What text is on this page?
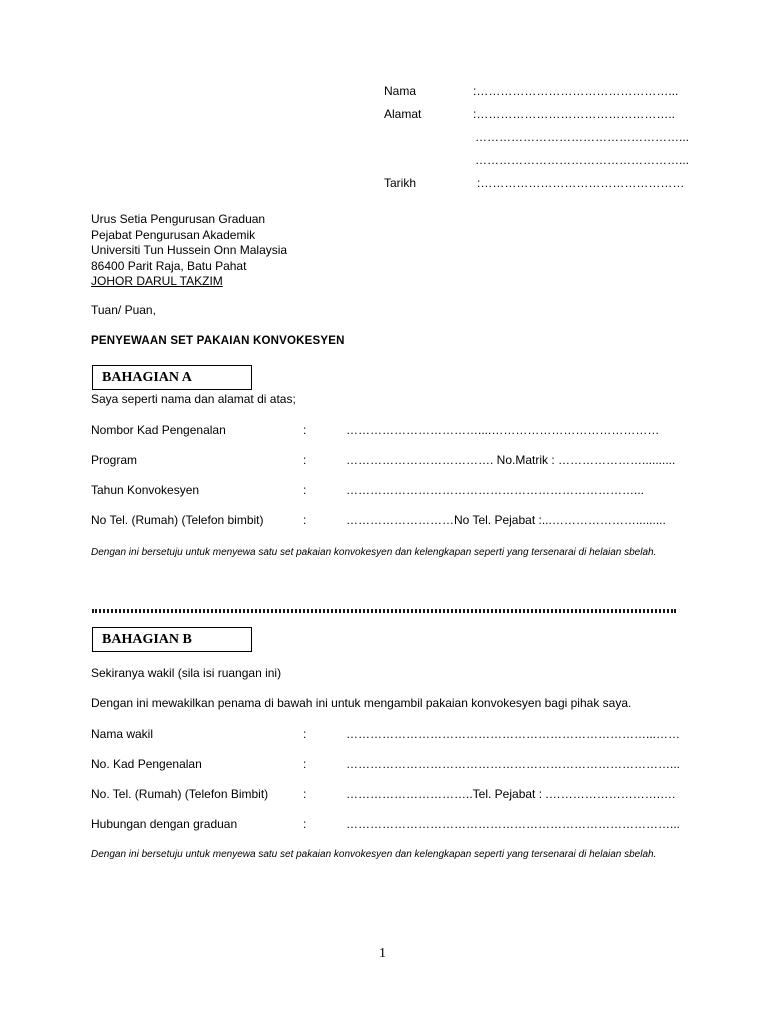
Nama	:…………………………………………...
Alamat	:…………………………………………..
……………………………………………...
……………………………………………...
Tarikh	:……………………………………………
Urus Setia Pengurusan Graduan
Pejabat Pengurusan Akademik
Universiti Tun Hussein Onn Malaysia
86400 Parit Raja, Batu Pahat
JOHOR DARUL TAKZIM
Tuan/ Puan,
PENYEWAAN SET PAKAIAN KONVOKESYEN
BAHAGIAN A
Saya seperti nama dan alamat di atas;
Nombor Kad Pengenalan	:	……………………………....……………………………………
Program	:	………………………………. No.Matrik : …………………..........
Tahun Konvokesyen	:	………………………………………………………………...
No Tel. (Rumah) (Telefon bimbit)	:	………………………No Tel. Pejabat :...………………….........
Dengan ini bersetuju untuk menyewa satu set pakaian konvokesyen dan kelengkapan seperti yang tersenarai di helaian sbelah.
BAHAGIAN B
Sekiranya wakil (sila isi ruangan ini)
Dengan ini mewakilkan penama di bawah ini untuk mengambil pakaian konvokesyen bagi pihak saya.
Nama wakil	:	…………………………………………………………………...……
No. Kad Pengenalan	:	………………………………………………………………………...
No. Tel. (Rumah) (Telefon Bimbit)	:	…………………………..Tel. Pejabat : .……………………….….
Hubungan dengan graduan	:	………………………………………………………………………...
Dengan ini bersetuju untuk menyewa satu set pakaian konvokesyen dan kelengkapan seperti yang tersenarai di helaian sbelah.
1
